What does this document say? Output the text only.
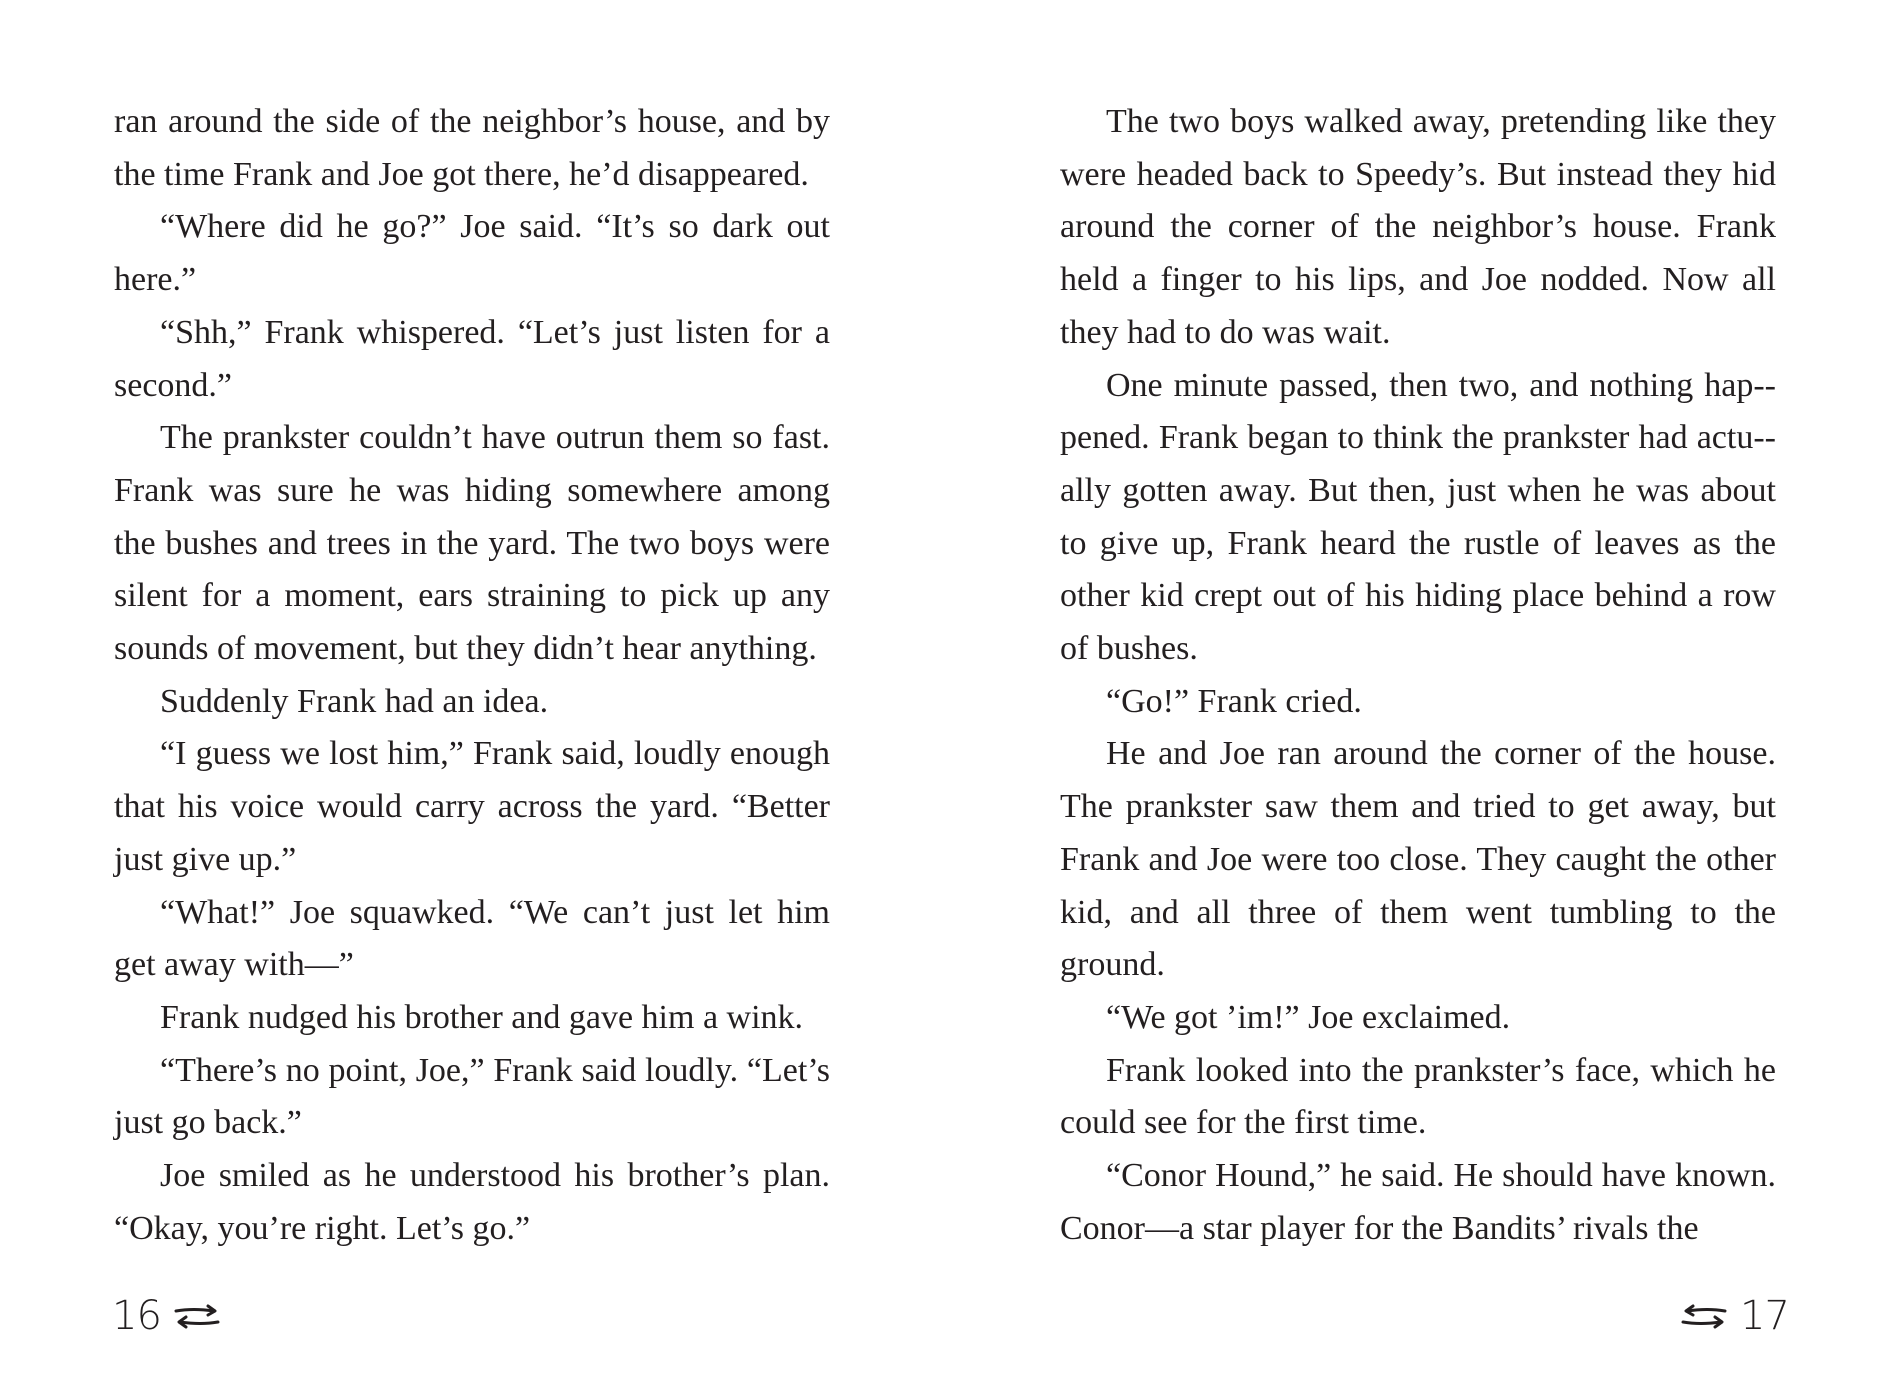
ran around the side of the neighbor’s house, and by the time Frank and Joe got there, he’d disappeared.

“Where did he go?” Joe said. “It’s so dark out here.”

“Shh,” Frank whispered. “Let’s just listen for a second.”

The prankster couldn’t have outrun them so fast. Frank was sure he was hiding somewhere among the bushes and trees in the yard. The two boys were silent for a moment, ears straining to pick up any sounds of movement, but they didn’t hear anything.

Suddenly Frank had an idea.

“I guess we lost him,” Frank said, loudly enough that his voice would carry across the yard. “Better just give up.”

“What!” Joe squawked. “We can’t just let him get away with—”

Frank nudged his brother and gave him a wink.

“There’s no point, Joe,” Frank said loudly. “Let’s just go back.”

Joe smiled as he understood his brother’s plan. “Okay, you’re right. Let’s go.”

The two boys walked away, pretending like they were headed back to Speedy’s. But instead they hid around the corner of the neighbor’s house. Frank held a finger to his lips, and Joe nodded. Now all they had to do was wait.

One minute passed, then two, and nothing hap-pened. Frank began to think the prankster had actu-ally gotten away. But then, just when he was about to give up, Frank heard the rustle of leaves as the other kid crept out of his hiding place behind a row of bushes.

“Go!” Frank cried.

He and Joe ran around the corner of the house. The prankster saw them and tried to get away, but Frank and Joe were too close. They caught the other kid, and all three of them went tumbling to the ground.

“We got ’im!” Joe exclaimed.

Frank looked into the prankster’s face, which he could see for the first time.

“Conor Hound,” he said. He should have known. Conor—a star player for the Bandits’ rivals the

16	17
